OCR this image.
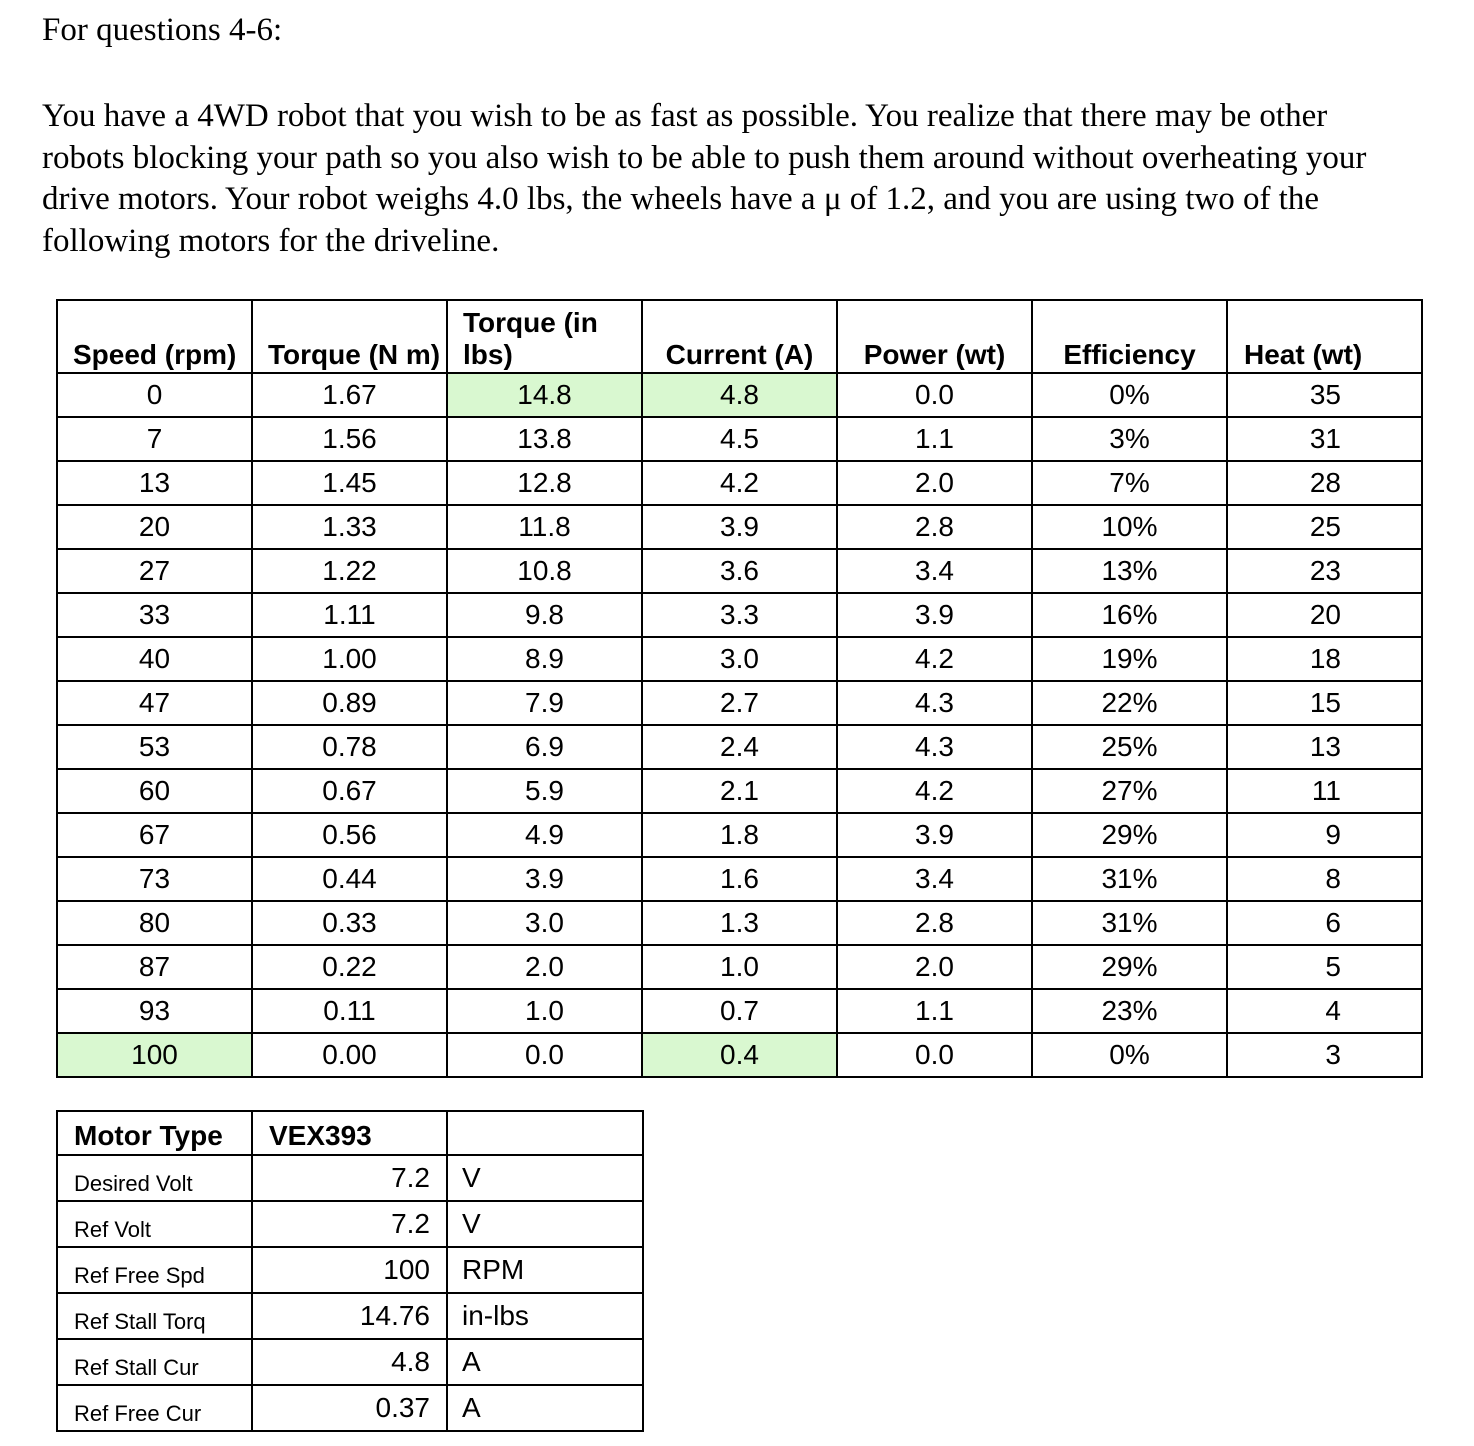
For questions 4-6:
You have a 4WD robot that you wish to be as fast as possible. You realize that there may be other robots blocking your path so you also wish to be able to push them around without overheating your drive motors. Your robot weighs 4.0 lbs, the wheels have a μ of 1.2, and you are using two of the following motors for the driveline.
Speed (rpm)	Torque (N m)	Torque (in lbs)	Current (A)	Power (wt)	Efficiency	Heat (wt)
0	1.67	14.8	4.8	0.0	0%	35
7	1.56	13.8	4.5	1.1	3%	31
13	1.45	12.8	4.2	2.0	7%	28
20	1.33	11.8	3.9	2.8	10%	25
27	1.22	10.8	3.6	3.4	13%	23
33	1.11	9.8	3.3	3.9	16%	20
40	1.00	8.9	3.0	4.2	19%	18
47	0.89	7.9	2.7	4.3	22%	15
53	0.78	6.9	2.4	4.3	25%	13
60	0.67	5.9	2.1	4.2	27%	11
67	0.56	4.9	1.8	3.9	29%	9
73	0.44	3.9	1.6	3.4	31%	8
80	0.33	3.0	1.3	2.8	31%	6
87	0.22	2.0	1.0	2.0	29%	5
93	0.11	1.0	0.7	1.1	23%	4
100	0.00	0.0	0.4	0.0	0%	3
Motor Type	VEX393	
Desired Volt	7.2	V
Ref Volt	7.2	V
Ref Free Spd	100	RPM
Ref Stall Torq	14.76	in-lbs
Ref Stall Cur	4.8	A
Ref Free Cur	0.37	A
